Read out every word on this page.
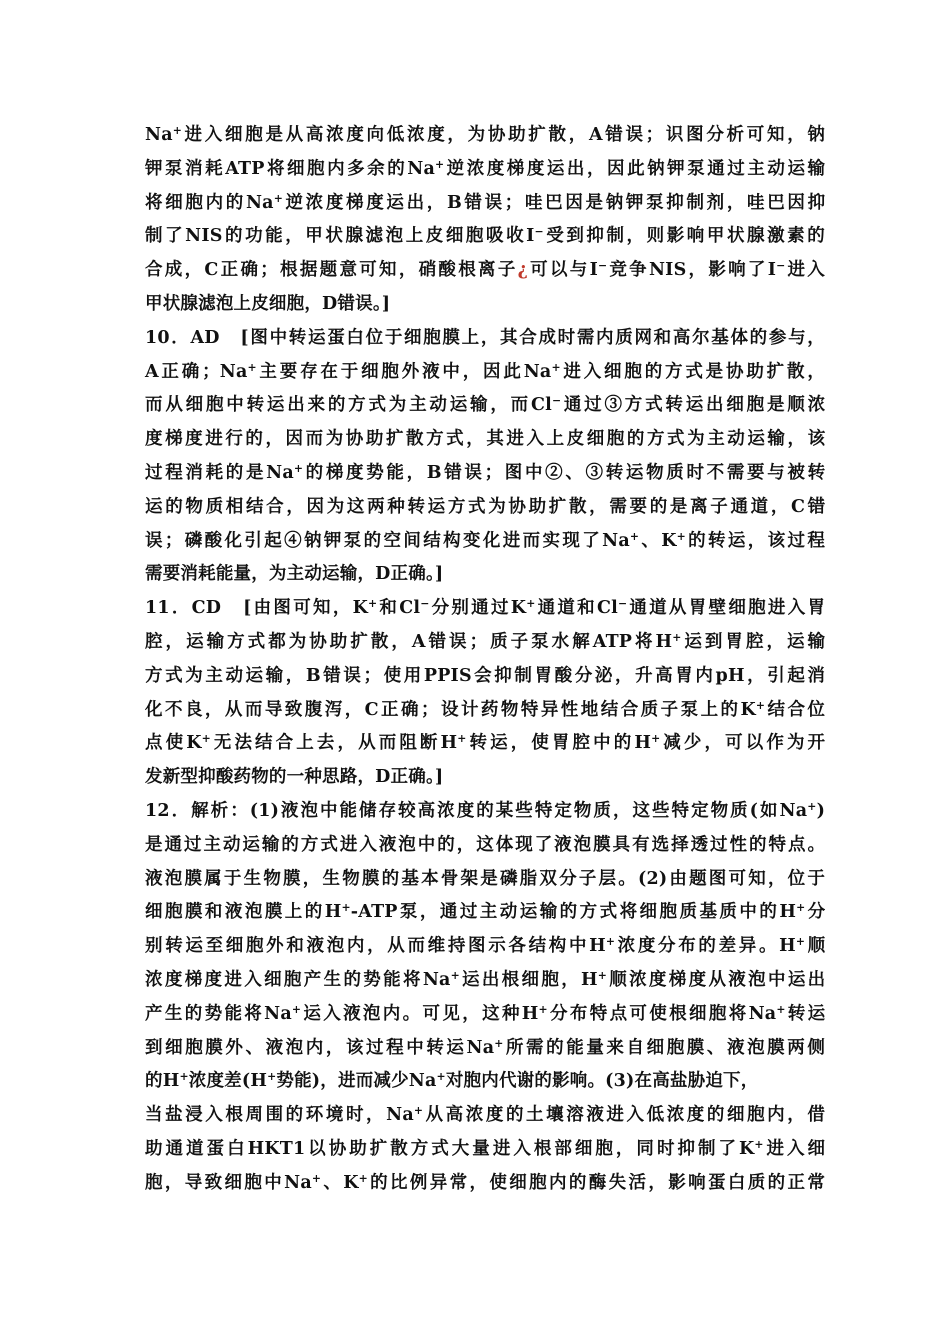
Na+进入细胞是从高浓度向低浓度，为协助扩散，A错误；识图分析可知，钠
钾泵消耗ATP将细胞内多余的Na+逆浓度梯度运出，因此钠钾泵通过主动运输
将细胞内的Na+逆浓度梯度运出，B错误；哇巴因是钠钾泵抑制剂，哇巴因抑
制了NIS的功能，甲状腺滤泡上皮细胞吸收I−受到抑制，则影响甲状腺激素的
合成，C正确；根据题意可知，硝酸根离子¿可以与I−竞争NIS，影响了I−进入
甲状腺滤泡上皮细胞，D错误。]
10．AD　 [图中转运蛋白位于细胞膜上，其合成时需内质网和高尔基体的参与，
A正确；Na+主要存在于细胞外液中，因此Na+进入细胞的方式是协助扩散，
而从细胞中转运出来的方式为主动运输，而Cl−通过③方式转运出细胞是顺浓
度梯度进行的，因而为协助扩散方式，其进入上皮细胞的方式为主动运输，该
过程消耗的是Na+的梯度势能，B错误；图中②、③转运物质时不需要与被转
运的物质相结合，因为这两种转运方式为协助扩散，需要的是离子通道，C错
误；磷酸化引起④钠钾泵的空间结构变化进而实现了Na+、K+的转运，该过程
需要消耗能量，为主动运输，D正确。]
11．CD　 [由图可知，K+和Cl−分别通过K+通道和Cl−通道从胃壁细胞进入胃
腔，运输方式都为协助扩散，A错误；质子泵水解ATP将H+运到胃腔，运输
方式为主动运输，B错误；使用PPIS会抑制胃酸分泌，升高胃内pH，引起消
化不良，从而导致腹泻，C正确；设计药物特异性地结合质子泵上的K+结合位
点使K+无法结合上去，从而阻断H+转运，使胃腔中的H+减少，可以作为开
发新型抑酸药物的一种思路，D正确。]
12．解析：(1)液泡中能储存较高浓度的某些特定物质，这些特定物质(如Na+)
是通过主动运输的方式进入液泡中的，这体现了液泡膜具有选择透过性的特点。
液泡膜属于生物膜，生物膜的基本骨架是磷脂双分子层。(2)由题图可知，位于
细胞膜和液泡膜上的H+-ATP泵，通过主动运输的方式将细胞质基质中的H+分
别转运至细胞外和液泡内，从而维持图示各结构中H+浓度分布的差异。H+顺
浓度梯度进入细胞产生的势能将Na+运出根细胞，H+顺浓度梯度从液泡中运出
产生的势能将Na+运入液泡内。可见，这种H+分布特点可使根细胞将Na+转运
到细胞膜外、液泡内，该过程中转运Na+所需的能量来自细胞膜、液泡膜两侧
的H+浓度差(H+势能)，进而减少Na+对胞内代谢的影响。(3)在高盐胁迫下，
当盐浸入根周围的环境时，Na+从高浓度的土壤溶液进入低浓度的细胞内，借
助通道蛋白HKT1以协助扩散方式大量进入根部细胞，同时抑制了K+进入细
胞，导致细胞中Na+、K+的比例异常，使细胞内的酶失活，影响蛋白质的正常
